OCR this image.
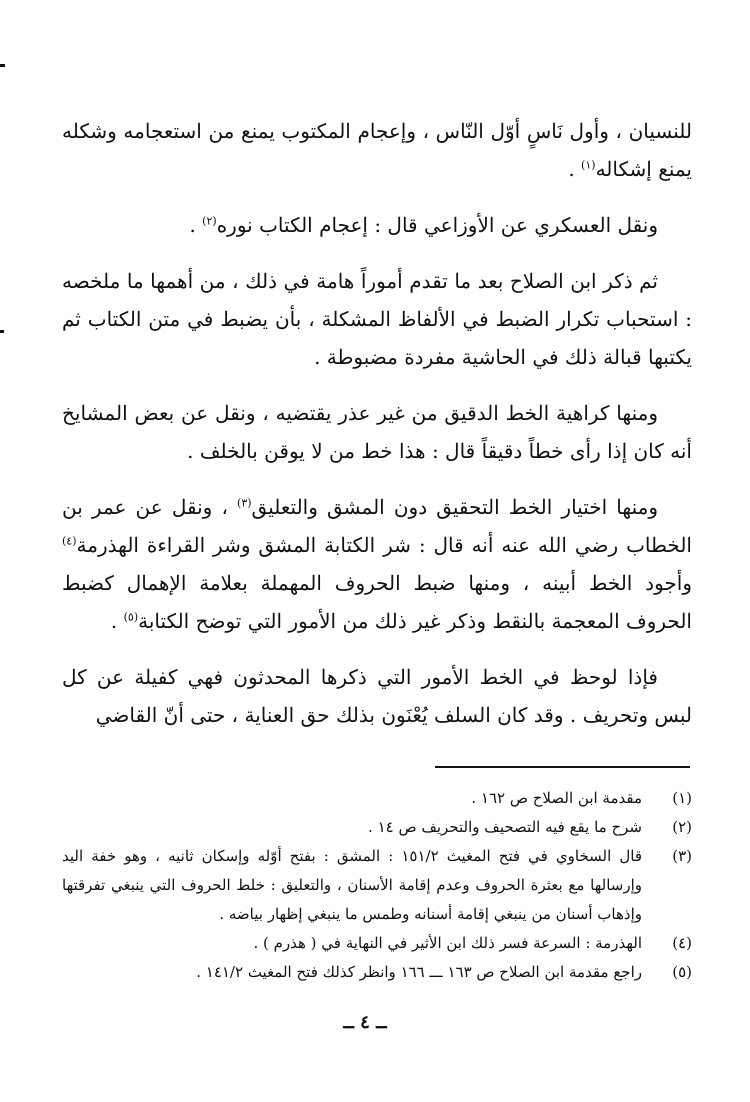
للنسيان ، وأول نَاسٍ أوّل النّاس ، وإعجام المكتوب يمنع من استعجامه وشكله يمنع إشكاله$^{(١)}$ .

ونقل العسكري عن الأوزاعي قال : إعجام الكتاب نوره$^{(٢)}$ .

ثم ذكر ابن الصلاح بعد ما تقدم أموراً هامة في ذلك ، من أهمها ما ملخصه : استحباب تكرار الضبط في الألفاظ المشكلة ، بأن يضبط في متن الكتاب ثم يكتبها قبالة ذلك في الحاشية مفردة مضبوطة .

ومنها كراهية الخط الدقيق من غير عذر يقتضيه ، ونقل عن بعض المشايخ أنه كان إذا رأى خطاً دقيقاً قال : هذا خط من لا يوقن بالخلف .

ومنها اختيار الخط التحقيق دون المشق والتعليق$^{(٣)}$ ، ونقل عن عمر بن الخطاب رضي الله عنه أنه قال : شر الكتابة المشق وشر القراءة الهذرمة$^{(٤)}$ وأجود الخط أبينه ، ومنها ضبط الحروف المهملة بعلامة الإهمال كضبط الحروف المعجمة بالنقط وذكر غير ذلك من الأمور التي توضح الكتابة$^{(٥)}$ .

فإذا لوحظ في الخط الأمور التي ذكرها المحدثون فهي كفيلة عن كل لبس وتحريف . وقد كان السلف يُعْنَون بذلك حق العناية ، حتى أنّ القاضي

(١)
مقدمة ابن الصلاح ص ١٦٢ .

(٢)
شرح ما يقع فيه التصحيف والتحريف ص ١٤ .

(٣)
قال السخاوي في فتح المغيث ١٥١/٢ : المشق : بفتح أوّله وإسكان ثانيه ، وهو خفة اليد وإرسالها مع بعثرة الحروف وعدم إقامة الأسنان ، والتعليق : خلط الحروف التي ينبغي تفرقتها وإذهاب أسنان من ينبغي إقامة أسنانه وطمس ما ينبغي إظهار بياضه .

(٤)
الهذرمة : السرعة فسر ذلك ابن الأثير في النهاية في ( هذرم ) .

(٥)
راجع مقدمة ابن الصلاح ص ١٦٣ ـــ ١٦٦ وانظر كذلك فتح المغيث ١٤١/٢ .

ــ ٤ ــ
